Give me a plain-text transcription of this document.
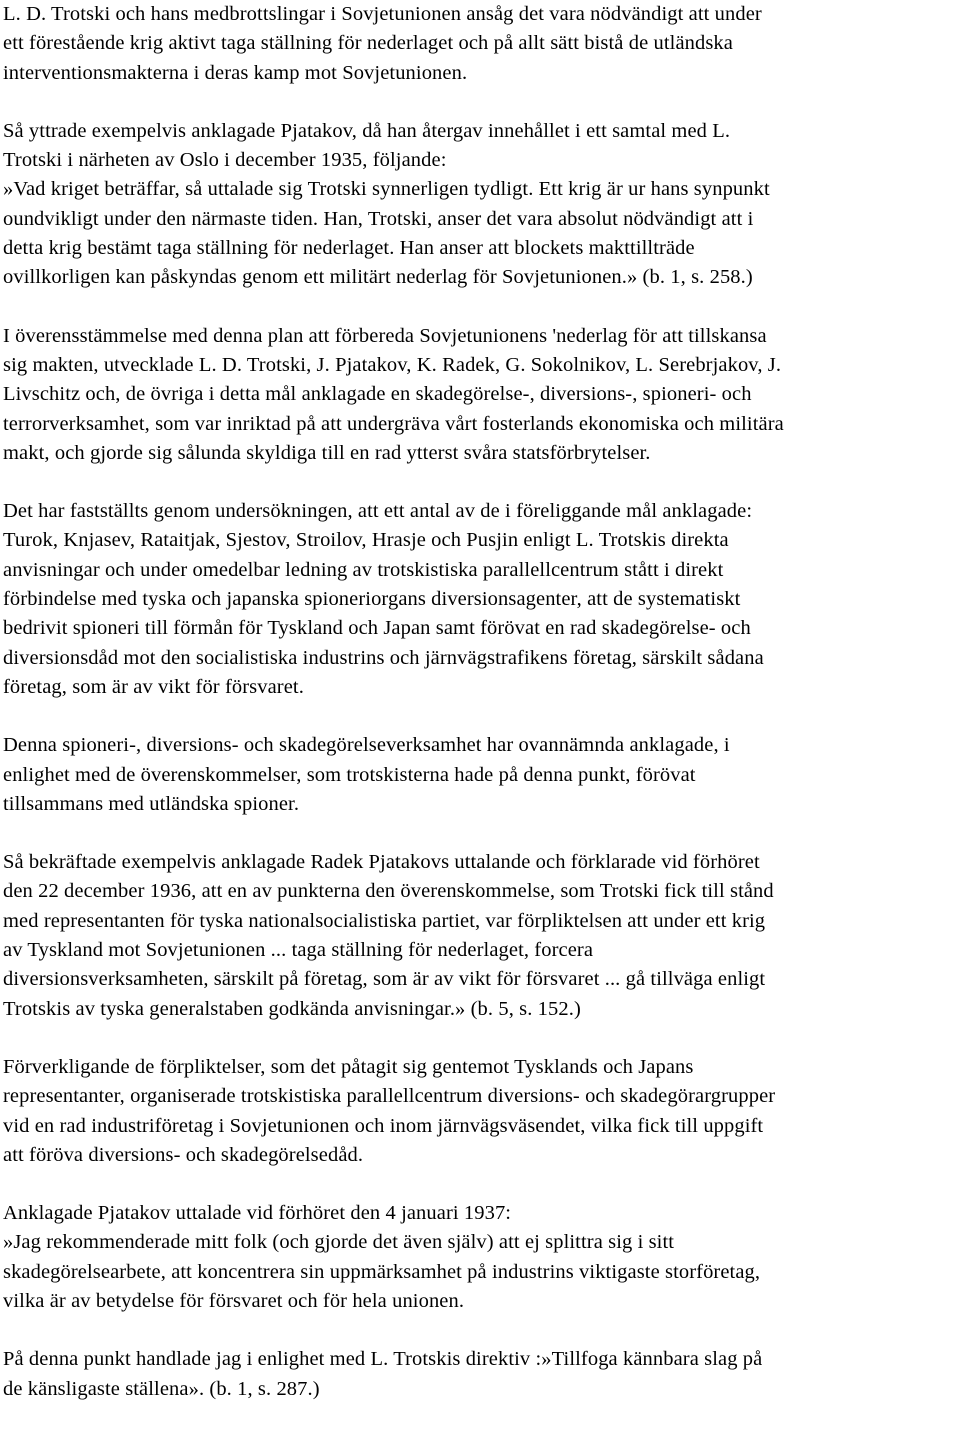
L. D. Trotski och hans medbrottslingar i Sovjetunionen ansåg det vara nödvändigt att under
ett förestående krig aktivt taga ställning för nederlaget och på allt sätt bistå de utländska
interventionsmakterna i deras kamp mot Sovjetunionen.

Så yttrade exempelvis anklagade Pjatakov, då han återgav innehållet i ett samtal med L.
Trotski i närheten av Oslo i december 1935, följande:
»Vad kriget beträffar, så uttalade sig Trotski synnerligen tydligt. Ett krig är ur hans synpunkt
oundvikligt under den närmaste tiden. Han, Trotski, anser det vara absolut nödvändigt att i
detta krig bestämt taga ställning för nederlaget. Han anser att blockets makttillträde
ovillkorligen kan påskyndas genom ett militärt nederlag för Sovjetunionen.» (b. 1, s. 258.)

I överensstämmelse med denna plan att förbereda Sovjetunionens 'nederlag för att tillskansa
sig makten, utvecklade L. D. Trotski, J. Pjatakov, K. Radek, G. Sokolnikov, L. Serebrjakov, J.
Livschitz och, de övriga i detta mål anklagade en skadegörelse-, diversions-, spioneri- och
terrorverksamhet, som var inriktad på att undergräva vårt fosterlands ekonomiska och militära
makt, och gjorde sig sålunda skyldiga till en rad ytterst svåra statsförbrytelser.

Det har fastställts genom undersökningen, att ett antal av de i föreliggande mål anklagade:
Turok, Knjasev, Rataitjak, Sjestov, Stroilov, Hrasje och Pusjin enligt L. Trotskis direkta
anvisningar och under omedelbar ledning av trotskistiska parallellcentrum stått i direkt
förbindelse med tyska och japanska spioneriorgans diversionsagenter, att de systematiskt
bedrivit spioneri till förmån för Tyskland och Japan samt förövat en rad skadegörelse- och
diversionsdåd mot den socialistiska industrins och järnvägstrafikens företag, särskilt sådana
företag, som är av vikt för försvaret.

Denna spioneri-, diversions- och skadegörelseverksamhet har ovannämnda anklagade, i
enlighet med de överenskommelser, som trotskisterna hade på denna punkt, förövat
tillsammans med utländska spioner.

Så bekräftade exempelvis anklagade Radek Pjatakovs uttalande och förklarade vid förhöret
den 22 december 1936, att en av punkterna den överenskommelse, som Trotski fick till stånd
med representanten för tyska nationalsocialistiska partiet, var förpliktelsen att under ett krig
av Tyskland mot Sovjetunionen ... taga ställning för nederlaget, forcera
diversionsverksamheten, särskilt på företag, som är av vikt för försvaret ... gå tillväga enligt
Trotskis av tyska generalstaben godkända anvisningar.» (b. 5, s. 152.)

Förverkligande de förpliktelser, som det påtagit sig gentemot Tysklands och Japans
representanter, organiserade trotskistiska parallellcentrum diversions- och skadegörargrupper
vid en rad industriföretag i Sovjetunionen och inom järnvägsväsendet, vilka fick till uppgift
att föröva diversions- och skadegörelsedåd.

Anklagade Pjatakov uttalade vid förhöret den 4 januari 1937:
»Jag rekommenderade mitt folk (och gjorde det även själv) att ej splittra sig i sitt
skadegörelsearbete, att koncentrera sin uppmärksamhet på industrins viktigaste storföretag,
vilka är av betydelse för försvaret och för hela unionen.

På denna punkt handlade jag i enlighet med L. Trotskis direktiv :»Tillfoga kännbara slag på
de känsligaste ställena». (b. 1, s. 287.)
